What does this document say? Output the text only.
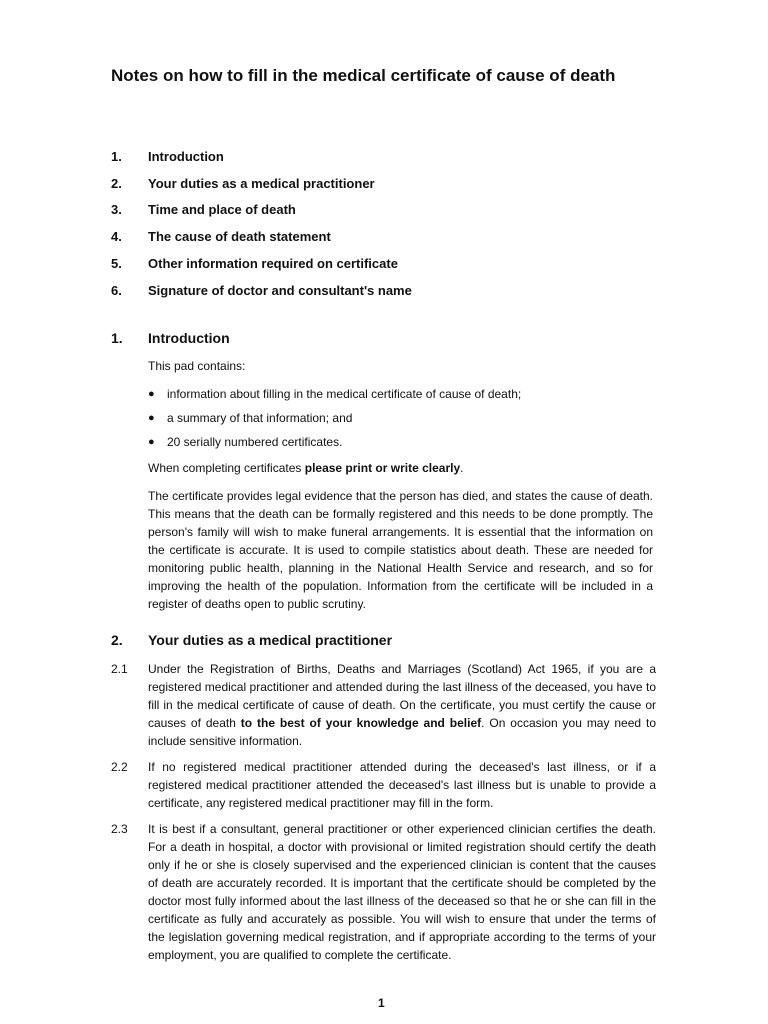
Notes on how to fill in the medical certificate of cause of death
1.	Introduction
2.	Your duties as a medical practitioner
3.	Time and place of death
4.	The cause of death statement
5.	Other information required on certificate
6.	Signature of doctor and consultant's name
1.	Introduction

This pad contains:

●	information about filling in the medical certificate of cause of death;
●	a summary of that information; and
●	20 serially numbered certificates.

When completing certificates please print or write clearly.

The certificate provides legal evidence that the person has died, and states the cause of death. This means that the death can be formally registered and this needs to be done promptly. The person's family will wish to make funeral arrangements. It is essential that the information on the certificate is accurate. It is used to compile statistics about death. These are needed for monitoring public health, planning in the National Health Service and research, and so for improving the health of the population. Information from the certificate will be included in a register of deaths open to public scrutiny.

2.	Your duties as a medical practitioner
2.1	Under the Registration of Births, Deaths and Marriages (Scotland) Act 1965, if you are a registered medical practitioner and attended during the last illness of the deceased, you have to fill in the medical certificate of cause of death. On the certificate, you must certify the cause or causes of death to the best of your knowledge and belief. On occasion you may need to include sensitive information.
2.2	If no registered medical practitioner attended during the deceased's last illness, or if a registered medical practitioner attended the deceased's last illness but is unable to provide a certificate, any registered medical practitioner may fill in the form.
2.3	It is best if a consultant, general practitioner or other experienced clinician certifies the death. For a death in hospital, a doctor with provisional or limited registration should certify the death only if he or she is closely supervised and the experienced clinician is content that the causes of death are accurately recorded. It is important that the certificate should be completed by the doctor most fully informed about the last illness of the deceased so that he or she can fill in the certificate as fully and accurately as possible. You will wish to ensure that under the terms of the legislation governing medical registration, and if appropriate according to the terms of your employment, you are qualified to complete the certificate.
1
